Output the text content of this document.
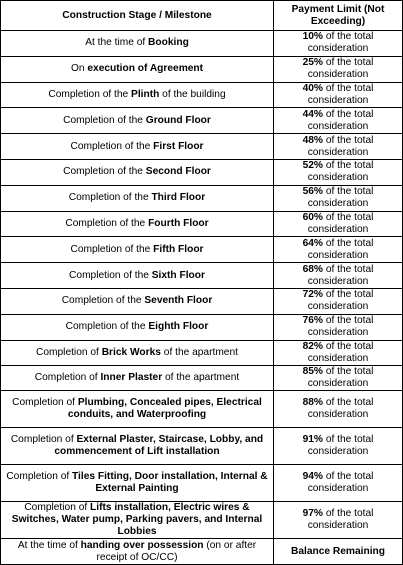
Construction Stage / Milestone	Payment Limit (Not Exceeding)
At the time of Booking	10% of the total consideration
On execution of Agreement	25% of the total consideration
Completion of the Plinth of the building	40% of the total consideration
Completion of the Ground Floor	44% of the total consideration
Completion of the First Floor	48% of the total consideration
Completion of the Second Floor	52% of the total consideration
Completion of the Third Floor	56% of the total consideration
Completion of the Fourth Floor	60% of the total consideration
Completion of the Fifth Floor	64% of the total consideration
Completion of the Sixth Floor	68% of the total consideration
Completion of the Seventh Floor	72% of the total consideration
Completion of the Eighth Floor	76% of the total consideration
Completion of Brick Works of the apartment	82% of the total consideration
Completion of Inner Plaster of the apartment	85% of the total consideration
Completion of Plumbing, Concealed pipes, Electrical conduits, and Waterproofing	88% of the total consideration
Completion of External Plaster, Staircase, Lobby, and commencement of Lift installation	91% of the total consideration
Completion of Tiles Fitting, Door installation, Internal & External Painting	94% of the total consideration
Completion of Lifts installation, Electric wires & Switches, Water pump, Parking pavers, and Internal Lobbies	97% of the total consideration
At the time of handing over possession (on or after receipt of OC/CC)	Balance Remaining
